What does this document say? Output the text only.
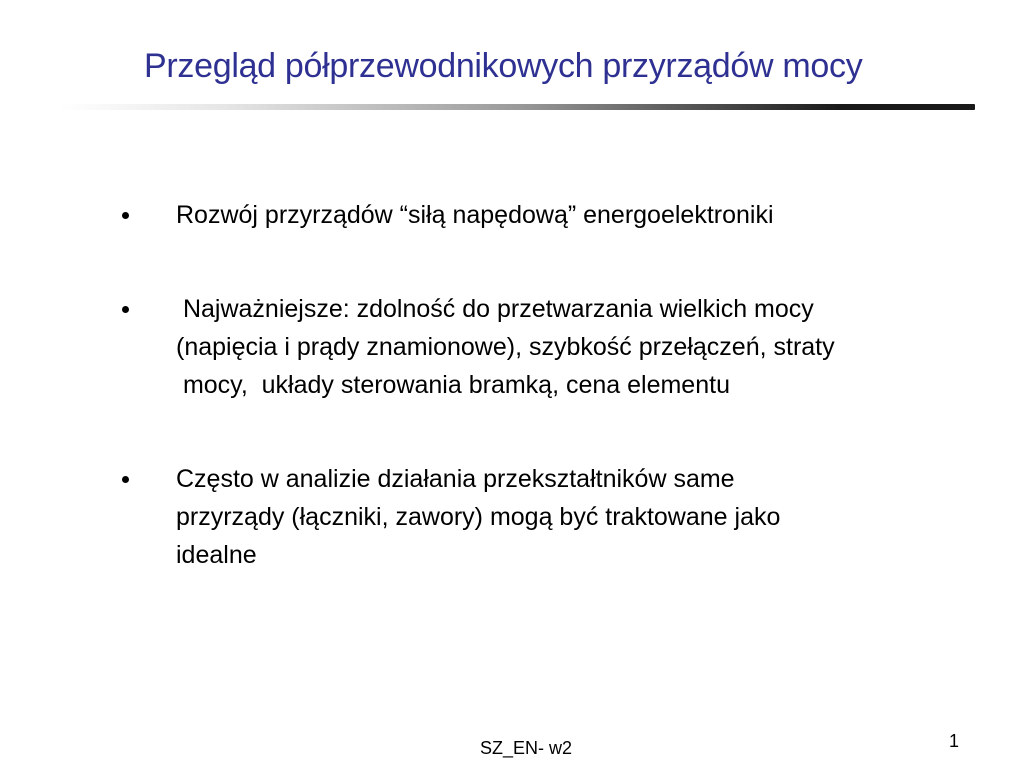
Przegląd półprzewodnikowych przyrządów mocy
Rozwój przyrządów “siłą napędową” energoelektroniki
Najważniejsze: zdolność do przetwarzania wielkich mocy
(napięcia i prądy znamionowe), szybkość przełączeń, straty
mocy,  układy sterowania bramką, cena elementu
Często w analizie działania przekształtników same
przyrządy (łączniki, zawory) mogą być traktowane jako
idealne
SZ_EN- w2	1
